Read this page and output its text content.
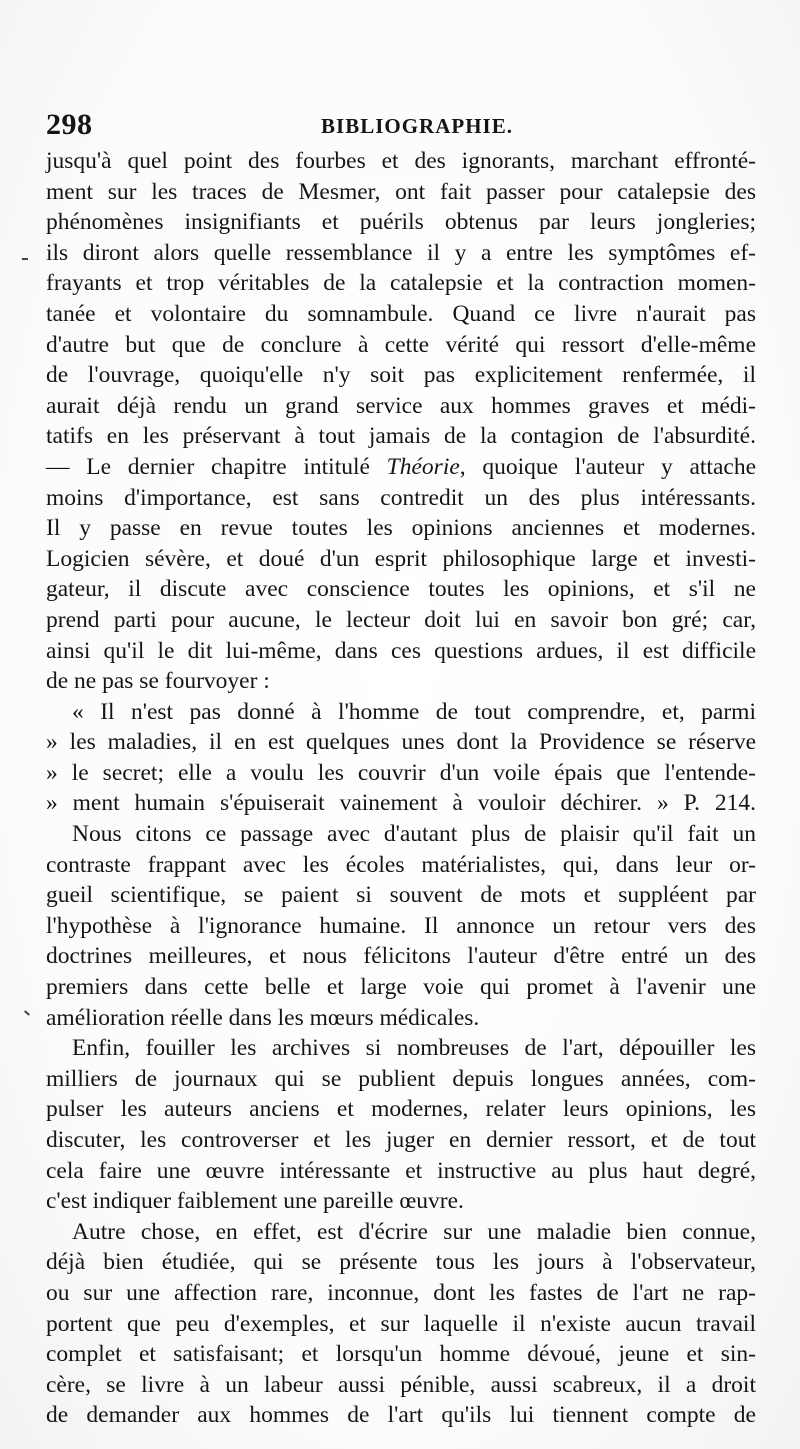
298	BIBLIOGRAPHIE.
jusqu'à quel point des fourbes et des ignorants, marchant effronté-
ment sur les traces de Mesmer, ont fait passer pour catalepsie des
phénomènes insignifiants et puérils obtenus par leurs jongleries;
ils diront alors quelle ressemblance il y a entre les symptômes ef-
frayants et trop véritables de la catalepsie et la contraction momen-
tanée et volontaire du somnambule. Quand ce livre n'aurait pas
d'autre but que de conclure à cette vérité qui ressort d'elle-même
de l'ouvrage, quoiqu'elle n'y soit pas explicitement renfermée, il
aurait déjà rendu un grand service aux hommes graves et médi-
tatifs en les préservant à tout jamais de la contagion de l'absurdité.
— Le dernier chapitre intitulé Théorie, quoique l'auteur y attache
moins d'importance, est sans contredit un des plus intéressants.
Il y passe en revue toutes les opinions anciennes et modernes.
Logicien sévère, et doué d'un esprit philosophique large et investi-
gateur, il discute avec conscience toutes les opinions, et s'il ne
prend parti pour aucune, le lecteur doit lui en savoir bon gré; car,
ainsi qu'il le dit lui-même, dans ces questions ardues, il est difficile
de ne pas se fourvoyer :
« Il n'est pas donné à l'homme de tout comprendre, et, parmi
» les maladies, il en est quelques unes dont la Providence se réserve
» le secret; elle a voulu les couvrir d'un voile épais que l'entende-
» ment humain s'épuiserait vainement à vouloir déchirer. » P. 214.
Nous citons ce passage avec d'autant plus de plaisir qu'il fait un
contraste frappant avec les écoles matérialistes, qui, dans leur or-
gueil scientifique, se paient si souvent de mots et suppléent par
l'hypothèse à l'ignorance humaine. Il annonce un retour vers des
doctrines meilleures, et nous félicitons l'auteur d'être entré un des
premiers dans cette belle et large voie qui promet à l'avenir une
amélioration réelle dans les mœurs médicales.
Enfin, fouiller les archives si nombreuses de l'art, dépouiller les
milliers de journaux qui se publient depuis longues années, com-
pulser les auteurs anciens et modernes, relater leurs opinions, les
discuter, les controverser et les juger en dernier ressort, et de tout
cela faire une œuvre intéressante et instructive au plus haut degré,
c'est indiquer faiblement une pareille œuvre.
Autre chose, en effet, est d'écrire sur une maladie bien connue,
déjà bien étudiée, qui se présente tous les jours à l'observateur,
ou sur une affection rare, inconnue, dont les fastes de l'art ne rap-
portent que peu d'exemples, et sur laquelle il n'existe aucun travail
complet et satisfaisant; et lorsqu'un homme dévoué, jeune et sin-
cère, se livre à un labeur aussi pénible, aussi scabreux, il a droit
de demander aux hommes de l'art qu'ils lui tiennent compte de
